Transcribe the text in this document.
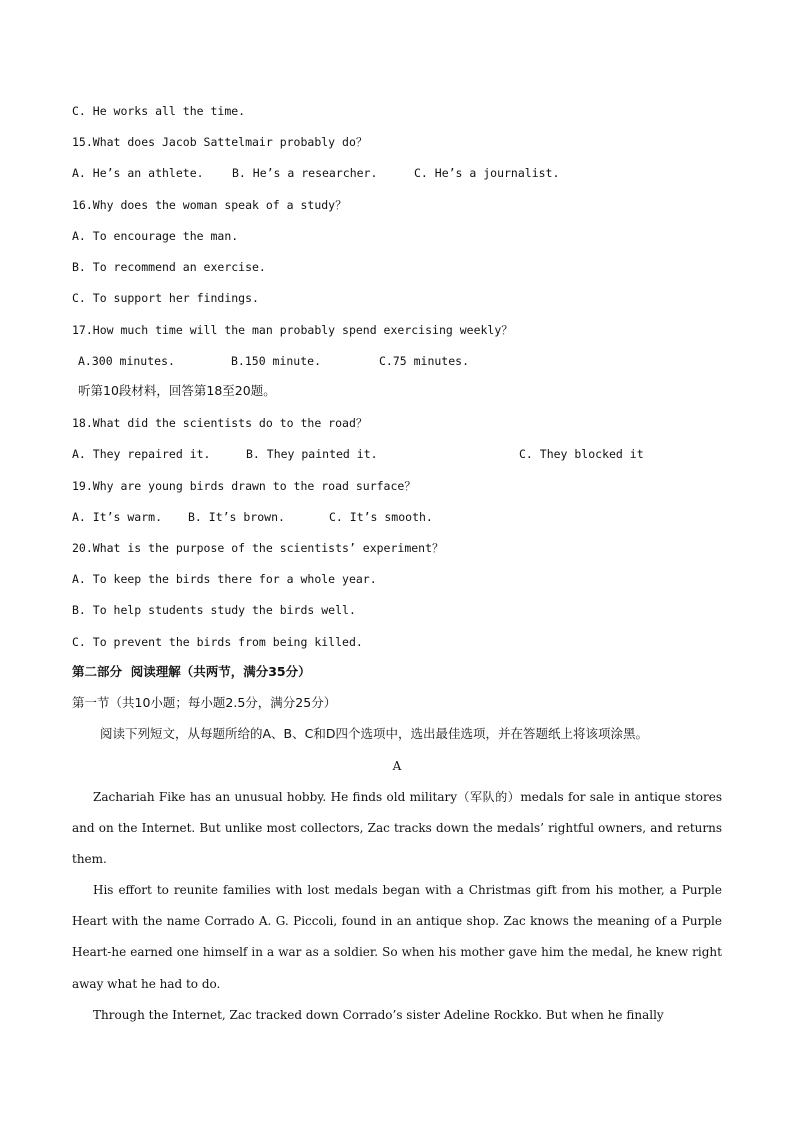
C. He works all the time.
15.What does Jacob Sattelmair probably do？
A. He’s an athlete. B. He’s a researcher.	C. He’s a journalist.
16.Why does the woman speak of a study？
A. To encourage the man.
B. To recommend an exercise.
C. To support her findings.
17.How much time will the man probably spend exercising weekly？
A.300 minutes.	B.150 minute.	C.75 minutes.
听第10段材料，回答第18至20题。
18.What did the scientists do to the road？
A. They repaired it.	B. They painted it.	C. They blocked it
19.Why are young birds drawn to the road surface？
A. It’s warm. B. It’s brown.	C. It’s smooth.
20.What is the purpose of the scientists’ experiment？
A. To keep the birds there for a whole year.
B. To help students study the birds well.
C. To prevent the birds from being killed.
第二部分  阅读理解（共两节，满分35分）
第一节（共10小题；每小题2.5分，满分25分）
阅读下列短文，从每题所给的A、B、C和D四个选项中，选出最佳选项，并在答题纸上将该项涂黑。
A
Zachariah Fike has an unusual hobby. He finds old military（军队的）medals for sale in antique stores and on the Internet. But unlike most collectors, Zac tracks down the medals’ rightful owners, and returns them.
His effort to reunite families with lost medals began with a Christmas gift from his mother, a Purple Heart with the name Corrado A. G. Piccoli, found in an antique shop. Zac knows the meaning of a Purple Heart-he earned one himself in a war as a soldier. So when his mother gave him the medal, he knew right away what he had to do.
Through the Internet, Zac tracked down Corrado’s sister Adeline Rockko. But when he finally
